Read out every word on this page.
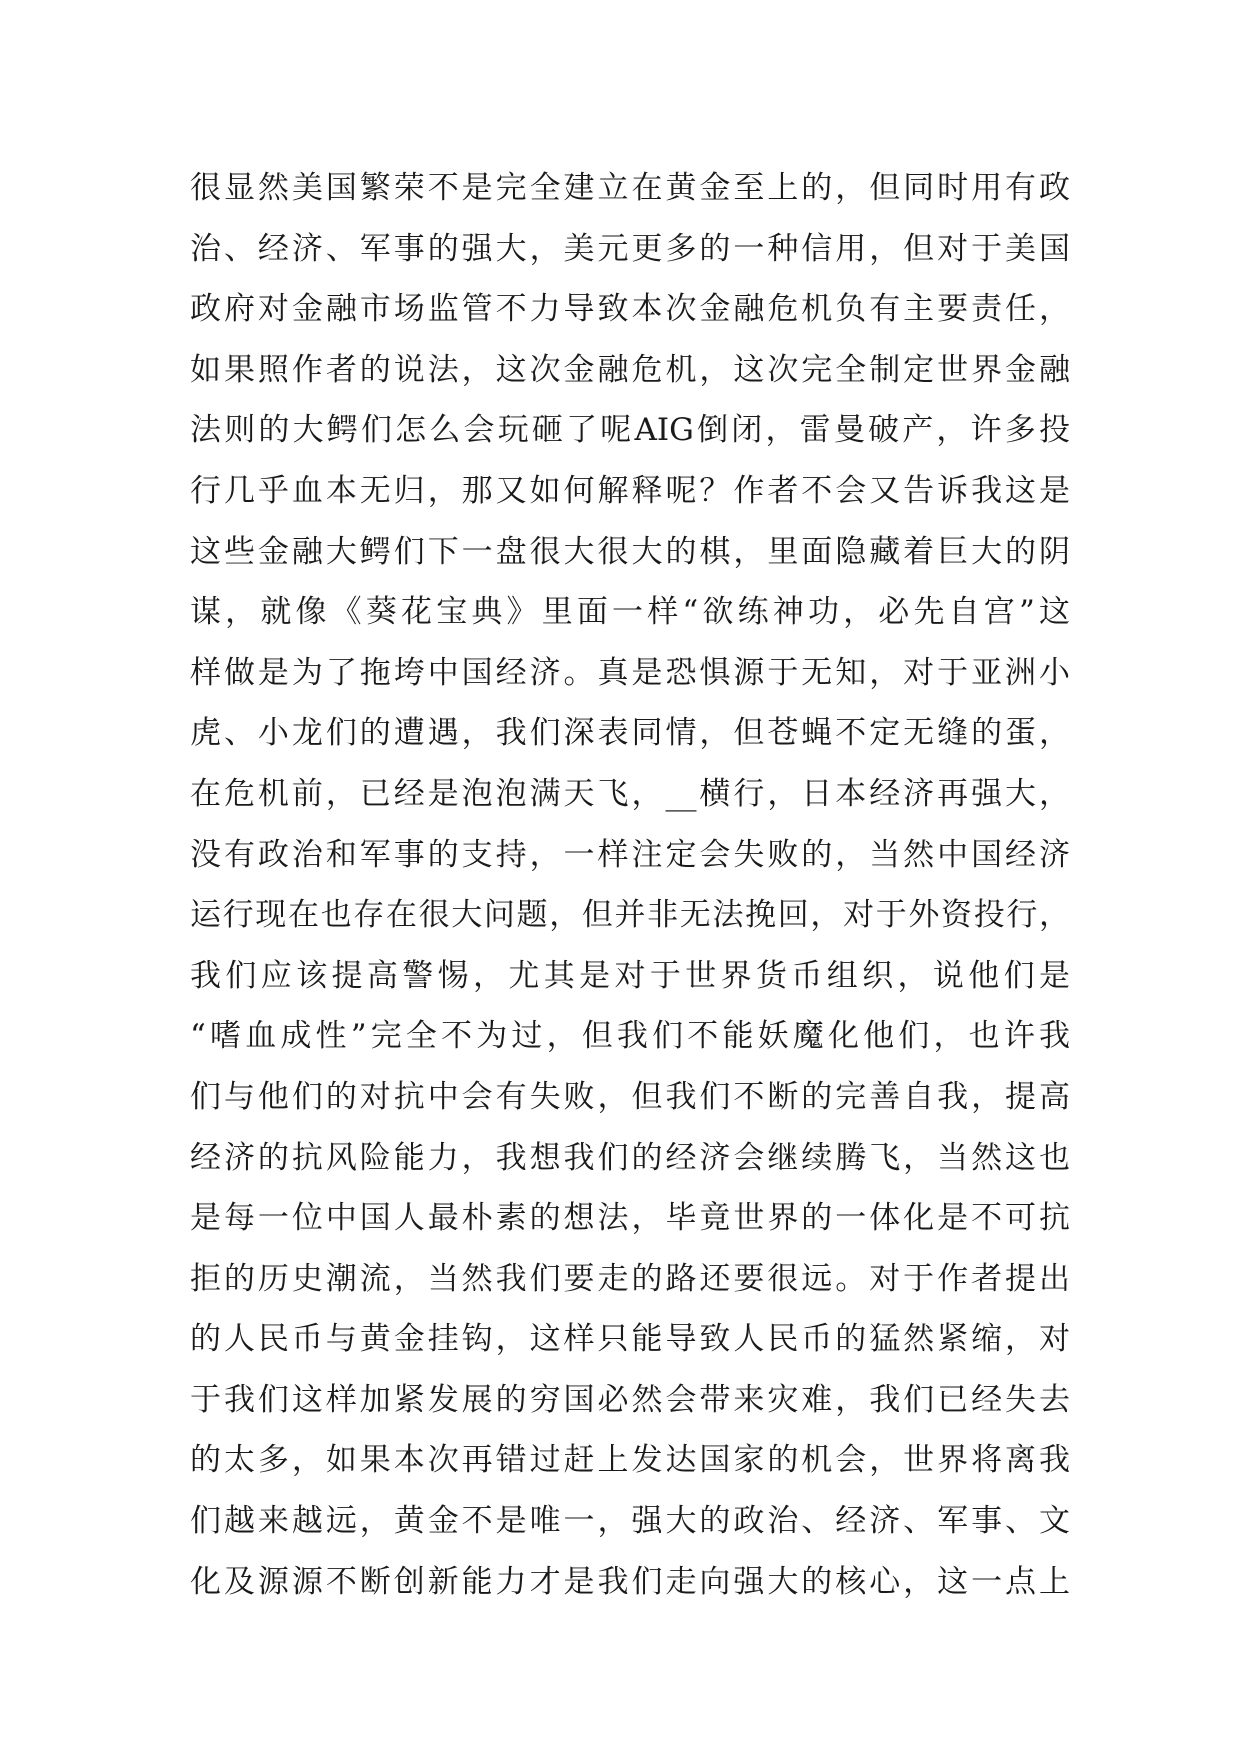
很显然美国繁荣不是完全建立在黄金至上的，但同时用有政
治、经济、军事的强大，美元更多的一种信用，但对于美国
政府对金融市场监管不力导致本次金融危机负有主要责任，
如果照作者的说法，这次金融危机，这次完全制定世界金融
法则的大鳄们怎么会玩砸了呢AIG倒闭，雷曼破产，许多投
行几乎血本无归，那又如何解释呢？作者不会又告诉我这是
这些金融大鳄们下一盘很大很大的棋，里面隐藏着巨大的阴
谋，就像《葵花宝典》里面一样“欲练神功，必先自宫”这
样做是为了拖垮中国经济。真是恐惧源于无知，对于亚洲小
虎、小龙们的遭遇，我们深表同情，但苍蝇不定无缝的蛋，
在危机前，已经是泡泡满天飞，__横行，日本经济再强大，
没有政治和军事的支持，一样注定会失败的，当然中国经济
运行现在也存在很大问题，但并非无法挽回，对于外资投行，
我们应该提高警惕，尤其是对于世界货币组织，说他们是
“嗜血成性”完全不为过，但我们不能妖魔化他们，也许我
们与他们的对抗中会有失败，但我们不断的完善自我，提高
经济的抗风险能力，我想我们的经济会继续腾飞，当然这也
是每一位中国人最朴素的想法，毕竟世界的一体化是不可抗
拒的历史潮流，当然我们要走的路还要很远。对于作者提出
的人民币与黄金挂钩，这样只能导致人民币的猛然紧缩，对
于我们这样加紧发展的穷国必然会带来灾难，我们已经失去
的太多，如果本次再错过赶上发达国家的机会，世界将离我
们越来越远，黄金不是唯一，强大的政治、经济、军事、文
化及源源不断创新能力才是我们走向强大的核心，这一点上
